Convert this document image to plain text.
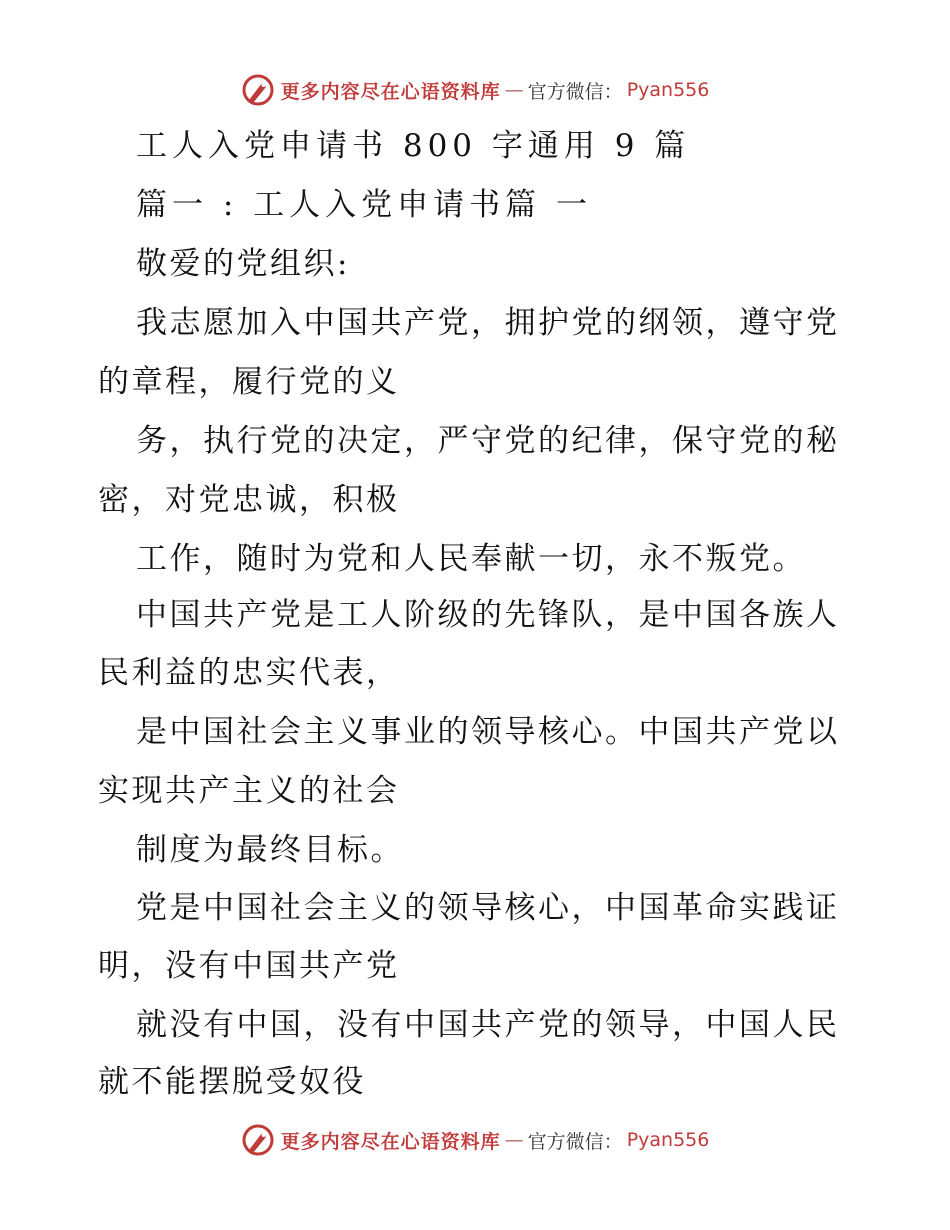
更多内容尽在心语资料库 — 官方微信： Pyan556
工人入党申请书 800 字通用 9 篇
篇一 : 工人入党申请书篇 一
敬爱的党组织:
我志愿加入中国共产党，拥护党的纲领，遵守党
的章程，履行党的义
务，执行党的决定，严守党的纪律，保守党的秘
密，对党忠诚，积极
工作，随时为党和人民奉献一切，永不叛党。
中国共产党是工人阶级的先锋队，是中国各族人
民利益的忠实代表，
是中国社会主义事业的领导核心。中国共产党以
实现共产主义的社会
制度为最终目标。
党是中国社会主义的领导核心，中国革命实践证
明，没有中国共产党
就没有中国，没有中国共产党的领导，中国人民
就不能摆脱受奴役
更多内容尽在心语资料库 — 官方微信： Pyan556
